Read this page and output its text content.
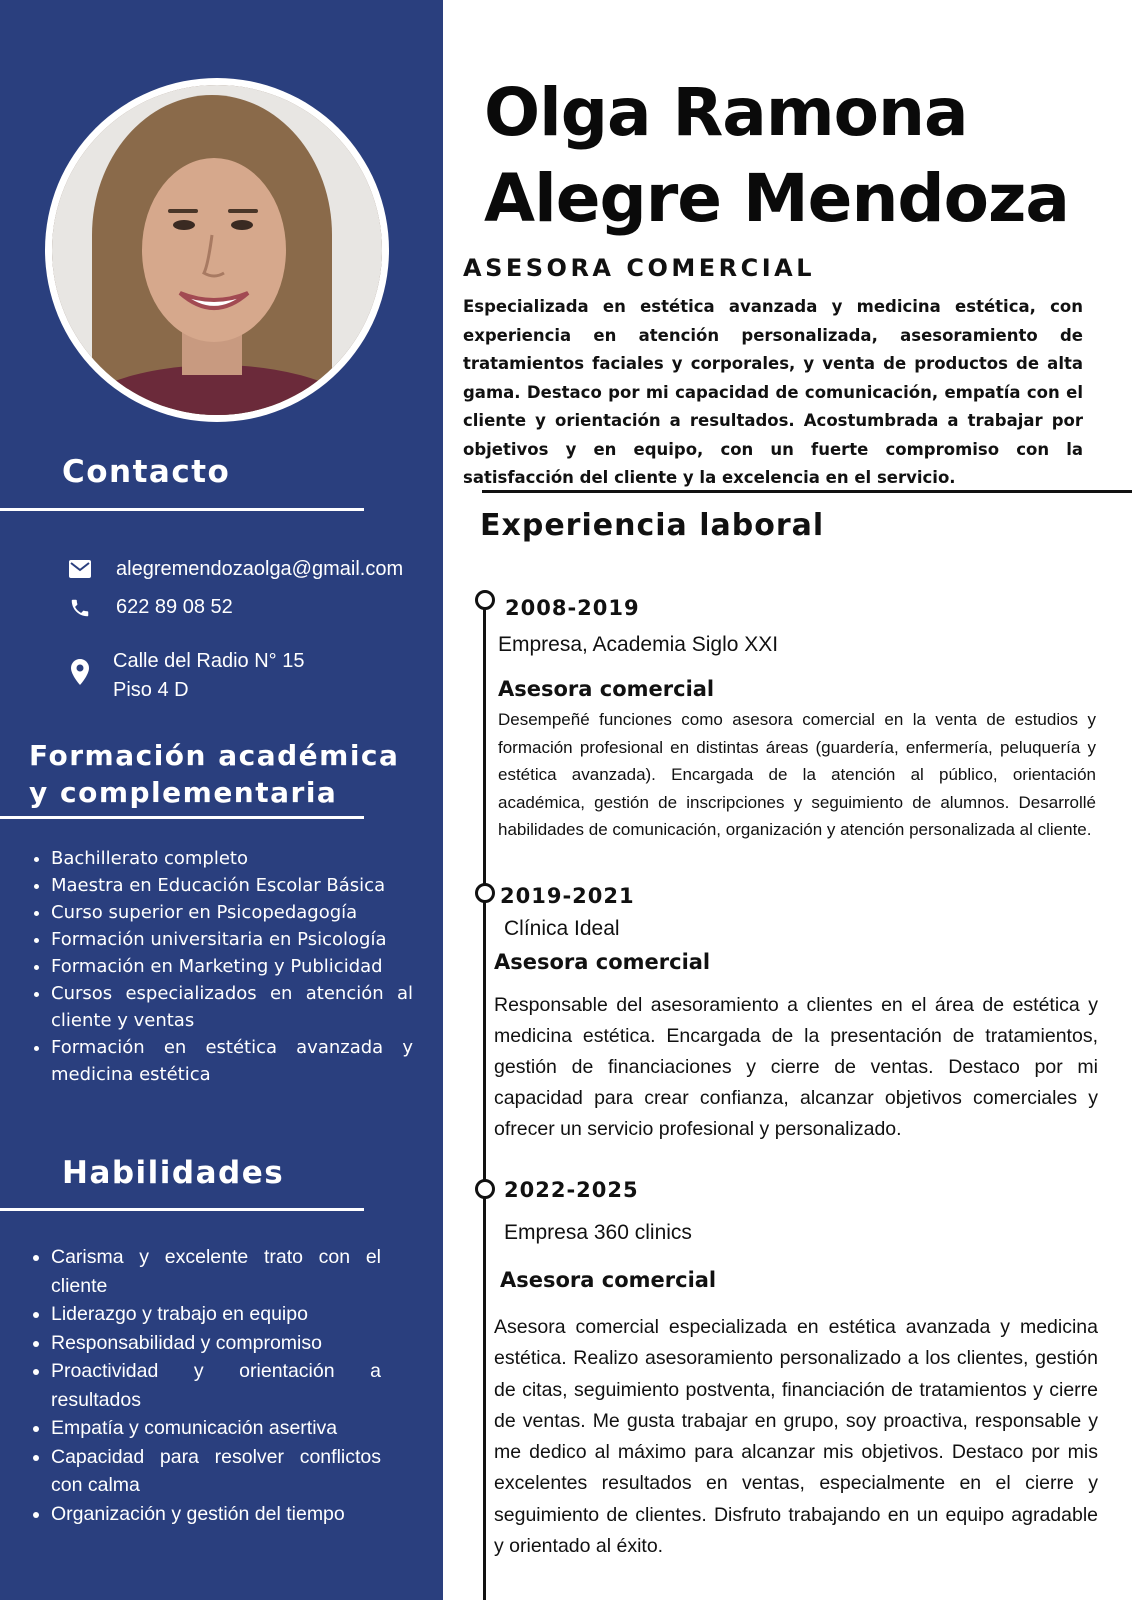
Contacto
alegremendozaolga@gmail.com
622 89 08 52
Calle del Radio N° 15
Piso 4 D
Formación académica
y complementaria
• Bachillerato completo
• Maestra en Educación Escolar Básica
• Curso superior en Psicopedagogía
• Formación universitaria en Psicología
• Formación en Marketing y Publicidad
• Cursos especializados en atención al cliente y ventas
• Formación en estética avanzada y medicina estética
Habilidades
• Carisma y excelente trato con el cliente
• Liderazgo y trabajo en equipo
• Responsabilidad y compromiso
• Proactividad y orientación a resultados
• Empatía y comunicación asertiva
• Capacidad para resolver conflictos con calma
• Organización y gestión del tiempo
Olga Ramona
Alegre Mendoza
ASESORA COMERCIAL

Especializada en estética avanzada y medicina estética, con experiencia en atención personalizada, asesoramiento de tratamientos faciales y corporales, y venta de productos de alta gama. Destaco por mi capacidad de comunicación, empatía con el cliente y orientación a resultados. Acostumbrada a trabajar por objetivos y en equipo, con un fuerte compromiso con la satisfacción del cliente y la excelencia en el servicio.

Experiencia laboral

2008-2019

Empresa, Academia Siglo XXI

Asesora comercial

Desempeñé funciones como asesora comercial en la venta de estudios y formación profesional en distintas áreas (guardería, enfermería, peluquería y estética avanzada). Encargada de la atención al público, orientación académica, gestión de inscripciones y seguimiento de alumnos. Desarrollé habilidades de comunicación, organización y atención personalizada al cliente.

2019-2021

Clínica Ideal

Asesora comercial

Responsable del asesoramiento a clientes en el área de estética y medicina estética. Encargada de la presentación de tratamientos, gestión de financiaciones y cierre de ventas. Destaco por mi capacidad para crear confianza, alcanzar objetivos comerciales y ofrecer un servicio profesional y personalizado.

2022-2025

Empresa 360 clinics

Asesora comercial

Asesora comercial especializada en estética avanzada y medicina estética. Realizo asesoramiento personalizado a los clientes, gestión de citas, seguimiento postventa, financiación de tratamientos y cierre de ventas. Me gusta trabajar en grupo, soy proactiva, responsable y me dedico al máximo para alcanzar mis objetivos. Destaco por mis excelentes resultados en ventas, especialmente en el cierre y seguimiento de clientes. Disfruto trabajando en un equipo agradable y orientado al éxito.
